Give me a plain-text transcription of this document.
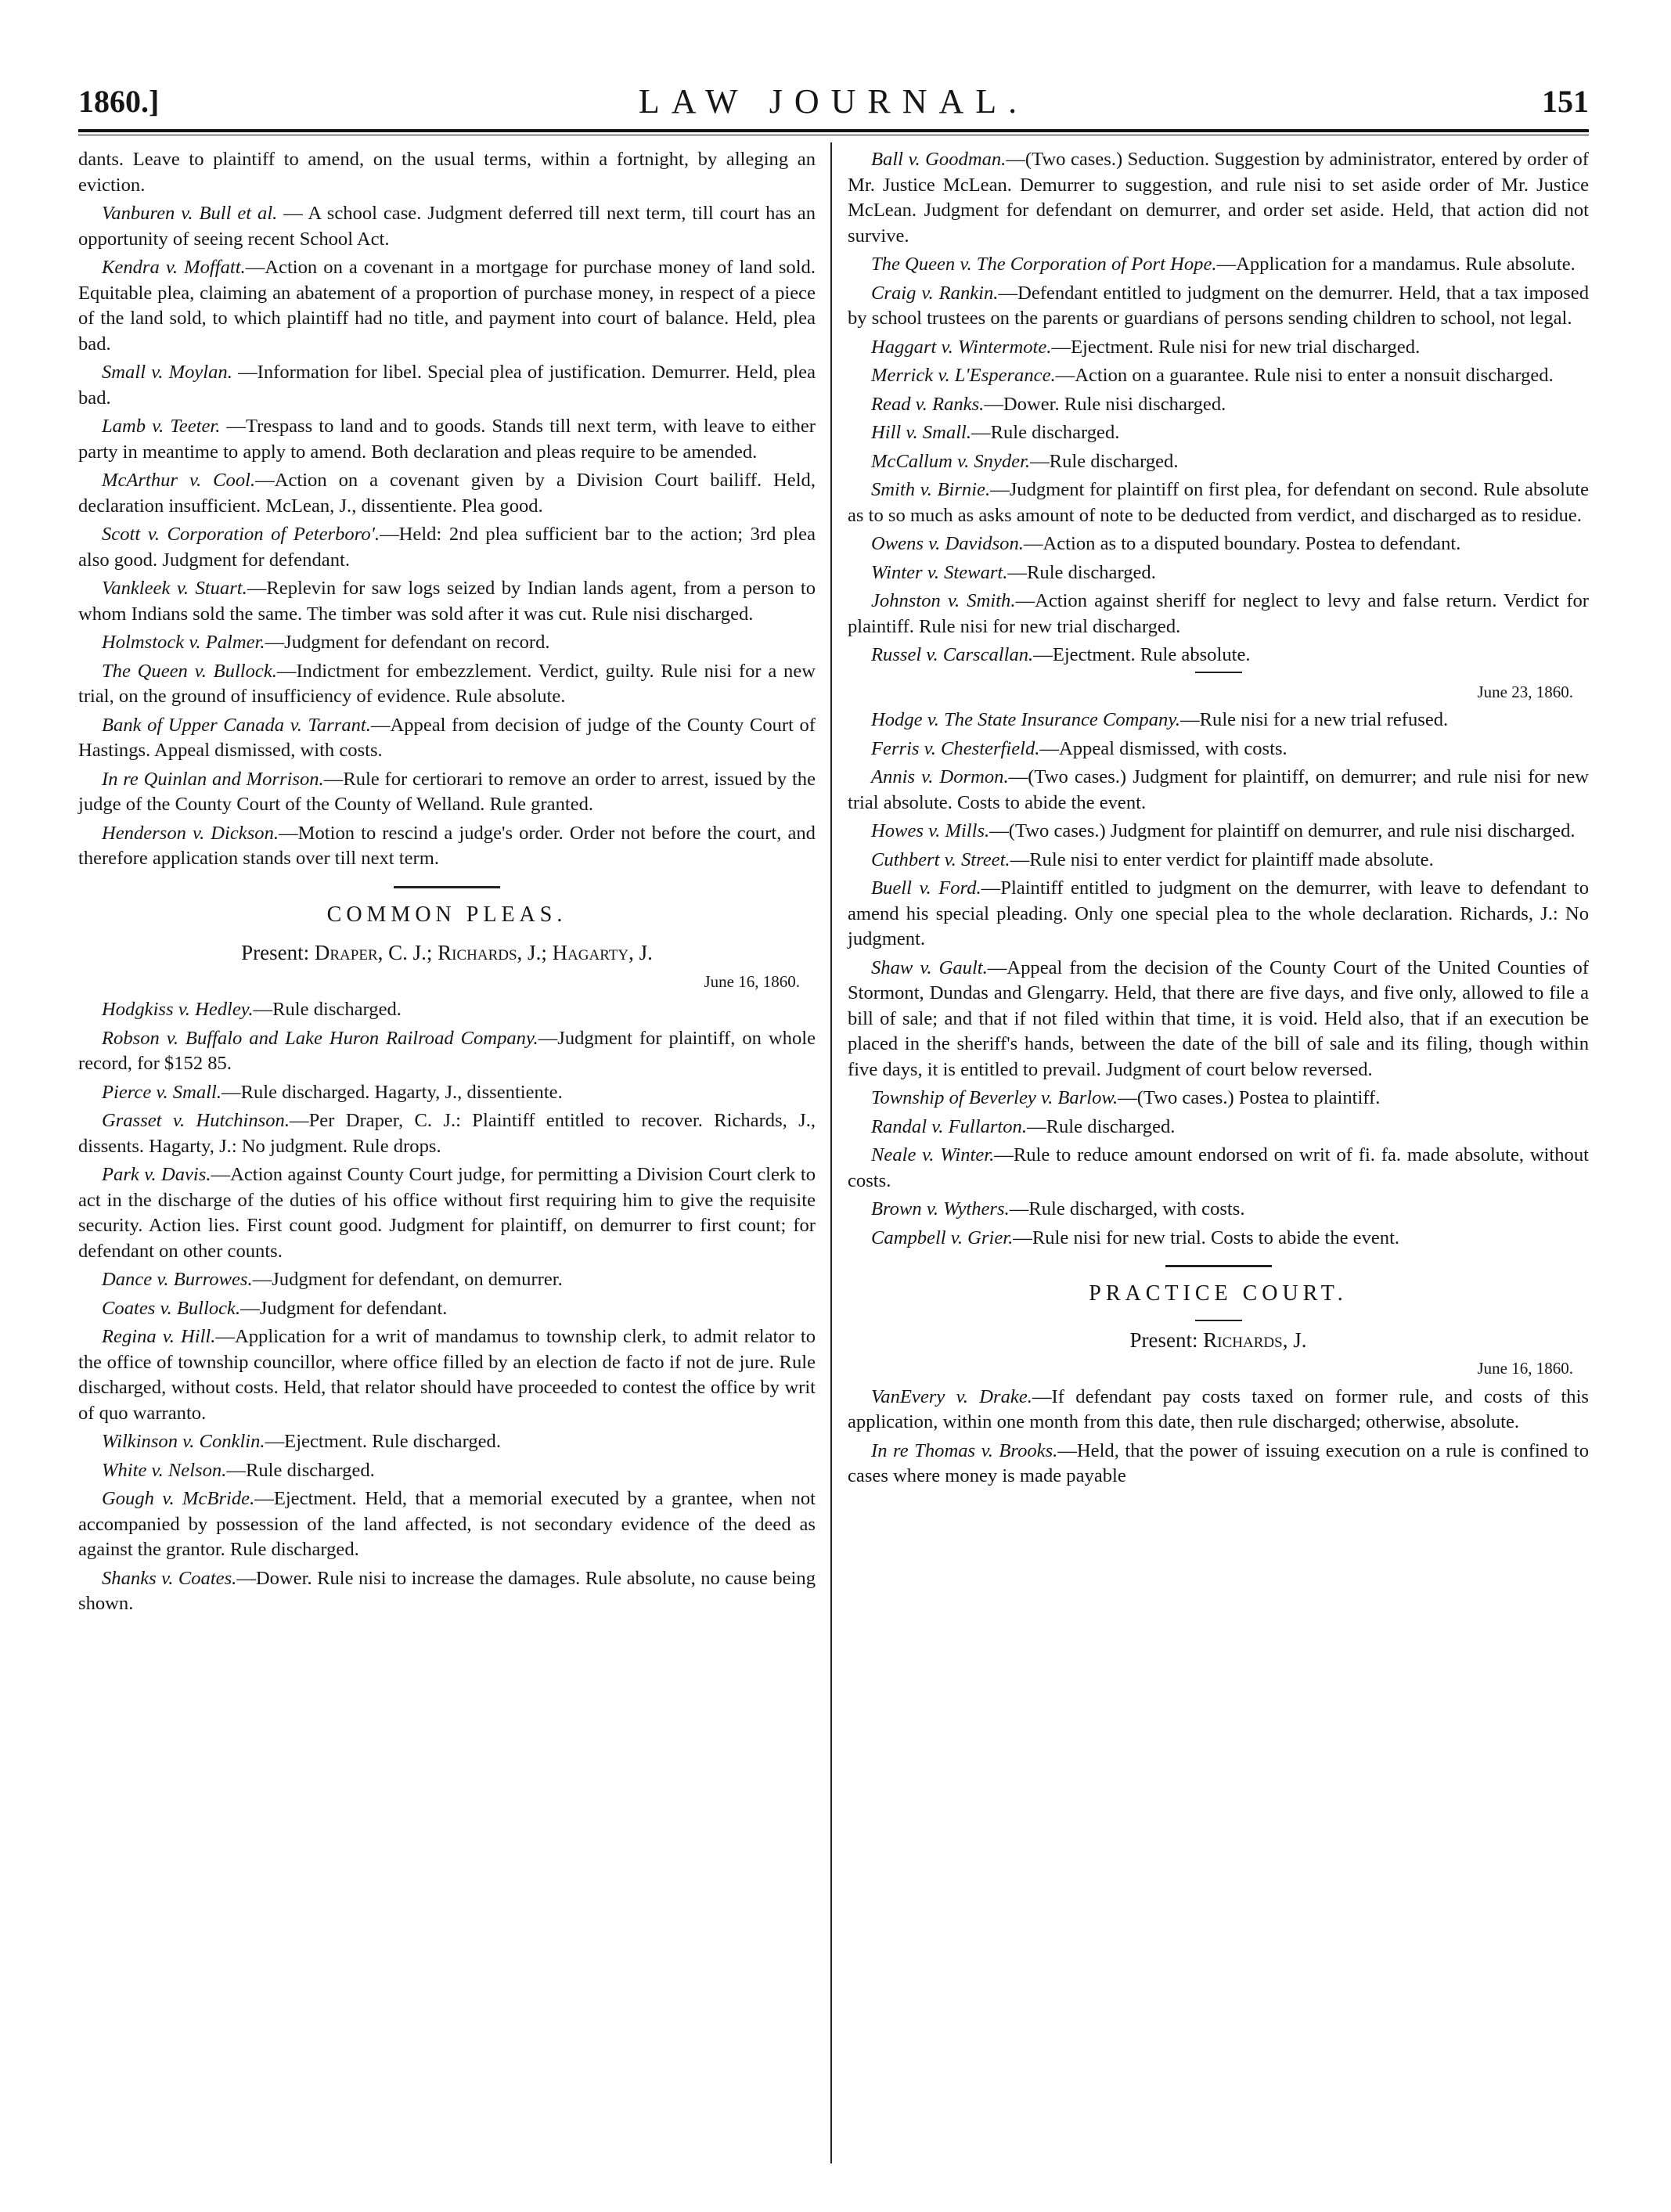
1860.]	LAW JOURNAL.	151

dants. Leave to plaintiff to amend, on the usual terms, within a fortnight, by alleging an eviction.

Vanburen v. Bull et al. — A school case. Judgment deferred till next term, till court has an opportunity of seeing recent School Act.

Kendra v. Moffatt.—Action on a covenant in a mortgage for purchase money of land sold. Equitable plea, claiming an abatement of a proportion of purchase money, in respect of a piece of the land sold, to which plaintiff had no title, and payment into court of balance. Held, plea bad.

Small v. Moylan. —Information for libel. Special plea of justification. Demurrer. Held, plea bad.

Lamb v. Teeter. —Trespass to land and to goods. Stands till next term, with leave to either party in meantime to apply to amend. Both declaration and pleas require to be amended.

McArthur v. Cool.—Action on a covenant given by a Division Court bailiff. Held, declaration insufficient. McLean, J., dissentiente. Plea good.

Scott v. Corporation of Peterboro'.—Held: 2nd plea sufficient bar to the action; 3rd plea also good. Judgment for defendant.

Vankleek v. Stuart.—Replevin for saw logs seized by Indian lands agent, from a person to whom Indians sold the same. The timber was sold after it was cut. Rule nisi discharged.

Holmstock v. Palmer.—Judgment for defendant on record.

The Queen v. Bullock.—Indictment for embezzlement. Verdict, guilty. Rule nisi for a new trial, on the ground of insufficiency of evidence. Rule absolute.

Bank of Upper Canada v. Tarrant.—Appeal from decision of judge of the County Court of Hastings. Appeal dismissed, with costs.

In re Quinlan and Morrison.—Rule for certiorari to remove an order to arrest, issued by the judge of the County Court of the County of Welland. Rule granted.

Henderson v. Dickson.—Motion to rescind a judge's order. Order not before the court, and therefore application stands over till next term.

COMMON PLEAS.
Present: Draper, C. J.; Richards, J.; Hagarty, J.
June 16, 1860.

Hodgkiss v. Hedley.—Rule discharged.

Robson v. Buffalo and Lake Huron Railroad Company.—Judgment for plaintiff, on whole record, for $152 85.

Pierce v. Small.—Rule discharged. Hagarty, J., dissentiente.

Grasset v. Hutchinson.—Per Draper, C. J.: Plaintiff entitled to recover. Richards, J., dissents. Hagarty, J.: No judgment. Rule drops.

Park v. Davis.—Action against County Court judge, for permitting a Division Court clerk to act in the discharge of the duties of his office without first requiring him to give the requisite security. Action lies. First count good. Judgment for plaintiff, on demurrer to first count; for defendant on other counts.

Dance v. Burrowes.—Judgment for defendant, on demurrer.

Coates v. Bullock.—Judgment for defendant.

Regina v. Hill.—Application for a writ of mandamus to township clerk, to admit relator to the office of township councillor, where office filled by an election de facto if not de jure. Rule discharged, without costs. Held, that relator should have proceeded to contest the office by writ of quo warranto.

Wilkinson v. Conklin.—Ejectment. Rule discharged.

White v. Nelson.—Rule discharged.

Gough v. McBride.—Ejectment. Held, that a memorial executed by a grantee, when not accompanied by possession of the land affected, is not secondary evidence of the deed as against the grantor. Rule discharged.

Shanks v. Coates.—Dower. Rule nisi to increase the damages. Rule absolute, no cause being shown.

Ball v. Goodman.—(Two cases.) Seduction. Suggestion by administrator, entered by order of Mr. Justice McLean. Demurrer to suggestion, and rule nisi to set aside order of Mr. Justice McLean. Judgment for defendant on demurrer, and order set aside. Held, that action did not survive.

The Queen v. The Corporation of Port Hope.—Application for a mandamus. Rule absolute.

Craig v. Rankin.—Defendant entitled to judgment on the demurrer. Held, that a tax imposed by school trustees on the parents or guardians of persons sending children to school, not legal.

Haggart v. Wintermote.—Ejectment. Rule nisi for new trial discharged.

Merrick v. L'Esperance.—Action on a guarantee. Rule nisi to enter a nonsuit discharged.

Read v. Ranks.—Dower. Rule nisi discharged.

Hill v. Small.—Rule discharged.

McCallum v. Snyder.—Rule discharged.

Smith v. Birnie.—Judgment for plaintiff on first plea, for defendant on second. Rule absolute as to so much as asks amount of note to be deducted from verdict, and discharged as to residue.

Owens v. Davidson.—Action as to a disputed boundary. Postea to defendant.

Winter v. Stewart.—Rule discharged.

Johnston v. Smith.—Action against sheriff for neglect to levy and false return. Verdict for plaintiff. Rule nisi for new trial discharged.

Russel v. Carscallan.—Ejectment. Rule absolute.

June 23, 1860.

Hodge v. The State Insurance Company.—Rule nisi for a new trial refused.

Ferris v. Chesterfield.—Appeal dismissed, with costs.

Annis v. Dormon.—(Two cases.) Judgment for plaintiff, on demurrer; and rule nisi for new trial absolute. Costs to abide the event.

Howes v. Mills.—(Two cases.) Judgment for plaintiff on demurrer, and rule nisi discharged.

Cuthbert v. Street.—Rule nisi to enter verdict for plaintiff made absolute.

Buell v. Ford.—Plaintiff entitled to judgment on the demurrer, with leave to defendant to amend his special pleading. Only one special plea to the whole declaration. Richards, J.: No judgment.

Shaw v. Gault.—Appeal from the decision of the County Court of the United Counties of Stormont, Dundas and Glengarry. Held, that there are five days, and five only, allowed to file a bill of sale; and that if not filed within that time, it is void. Held also, that if an execution be placed in the sheriff's hands, between the date of the bill of sale and its filing, though within five days, it is entitled to prevail. Judgment of court below reversed.

Township of Beverley v. Barlow.—(Two cases.) Postea to plaintiff.

Randal v. Fullarton.—Rule discharged.

Neale v. Winter.—Rule to reduce amount endorsed on writ of fi. fa. made absolute, without costs.

Brown v. Wythers.—Rule discharged, with costs.

Campbell v. Grier.—Rule nisi for new trial. Costs to abide the event.

PRACTICE COURT.
Present: Richards, J.
June 16, 1860.

VanEvery v. Drake.—If defendant pay costs taxed on former rule, and costs of this application, within one month from this date, then rule discharged; otherwise, absolute.

In re Thomas v. Brooks.—Held, that the power of issuing execution on a rule is confined to cases where money is made payable
